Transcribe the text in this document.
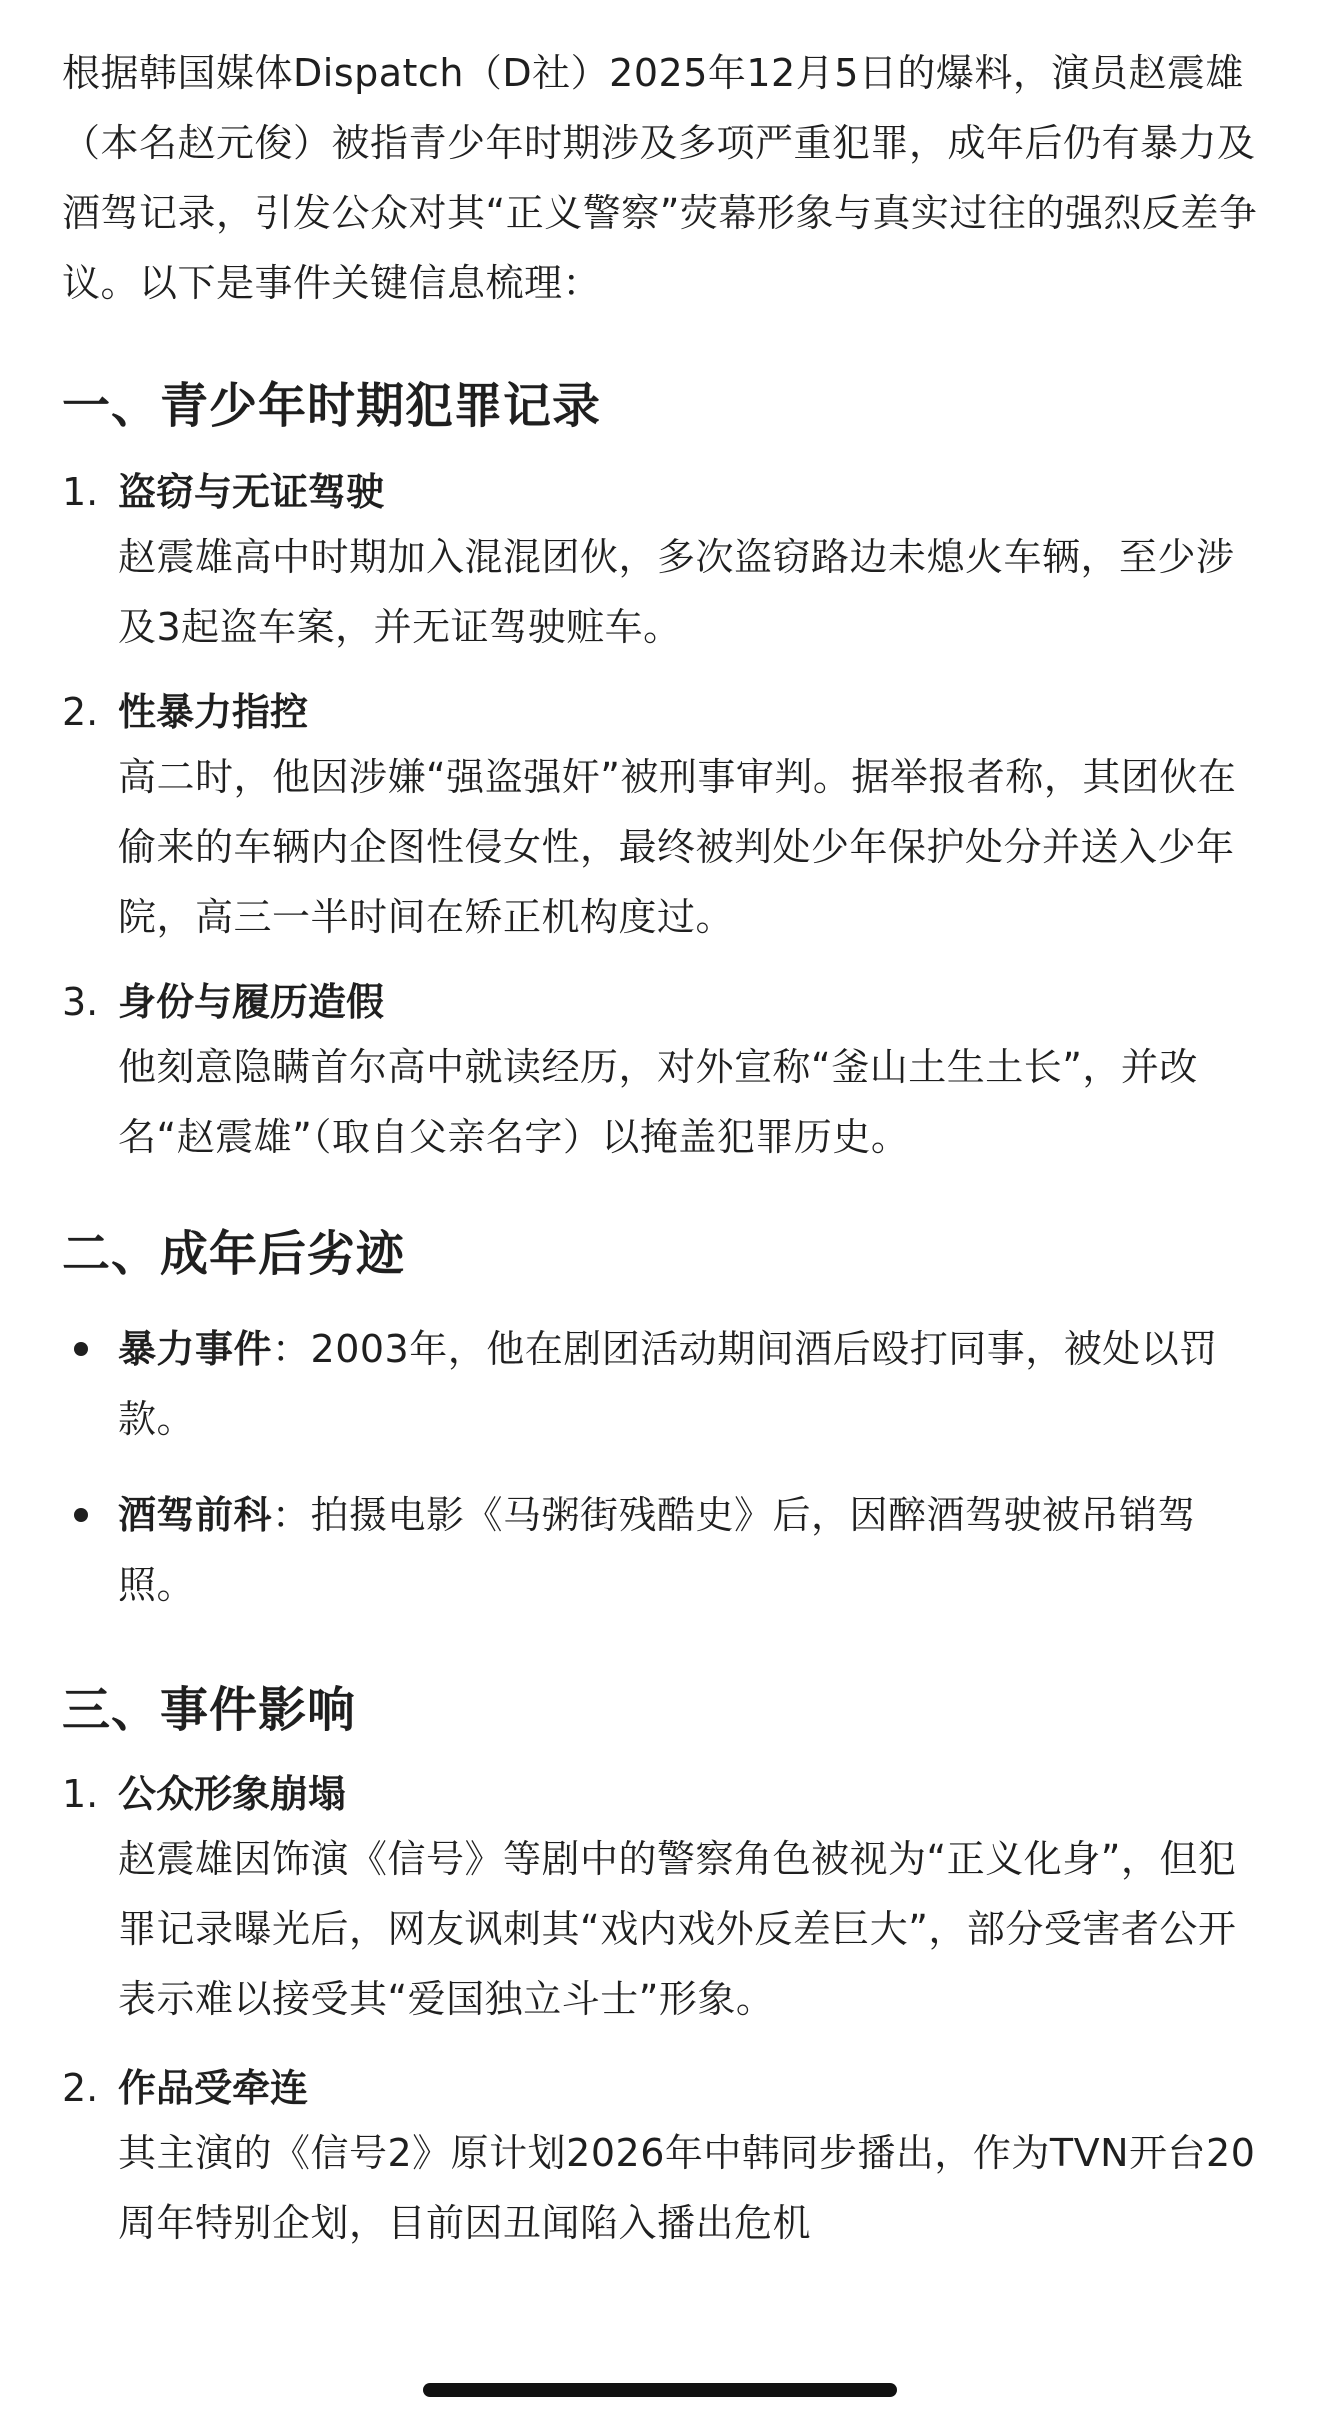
根据韩国媒体Dispatch（D社）2025年12月5日的爆料，演员赵震雄（本名赵元俊）被指青少年时期涉及多项严重犯罪，成年后仍有暴力及酒驾记录，引发公众对其“正义警察”荧幕形象与真实过往的强烈反差争议。以下是事件关键信息梳理：

一、青少年时期犯罪记录
1. 盗窃与无证驾驶

赵震雄高中时期加入混混团伙，多次盗窃路边未熄火车辆，至少涉及3起盗车案，并无证驾驶赃车。

2. 性暴力指控

高二时，他因涉嫌“强盗强奸”被刑事审判。据举报者称，其团伙在偷来的车辆内企图性侵女性，最终被判处少年保护处分并送入少年院，高三一半时间在矫正机构度过。

3. 身份与履历造假

他刻意隐瞒首尔高中就读经历，对外宣称“釜山土生土长”，并改名“赵震雄”（取自父亲名字）以掩盖犯罪历史。

二、成年后劣迹

暴力事件：2003年，他在剧团活动期间酒后殴打同事，被处以罚款。

酒驾前科：拍摄电影《马粥街残酷史》后，因醉酒驾驶被吊销驾照。

三、事件影响
1. 公众形象崩塌

赵震雄因饰演《信号》等剧中的警察角色被视为“正义化身”，但犯罪记录曝光后，网友讽刺其“戏内戏外反差巨大”，部分受害者公开表示难以接受其“爱国独立斗士”形象。

2. 作品受牵连

其主演的《信号2》原计划2026年中韩同步播出，作为TVN开台20周年特别企划，目前因丑闻陷入播出危机
